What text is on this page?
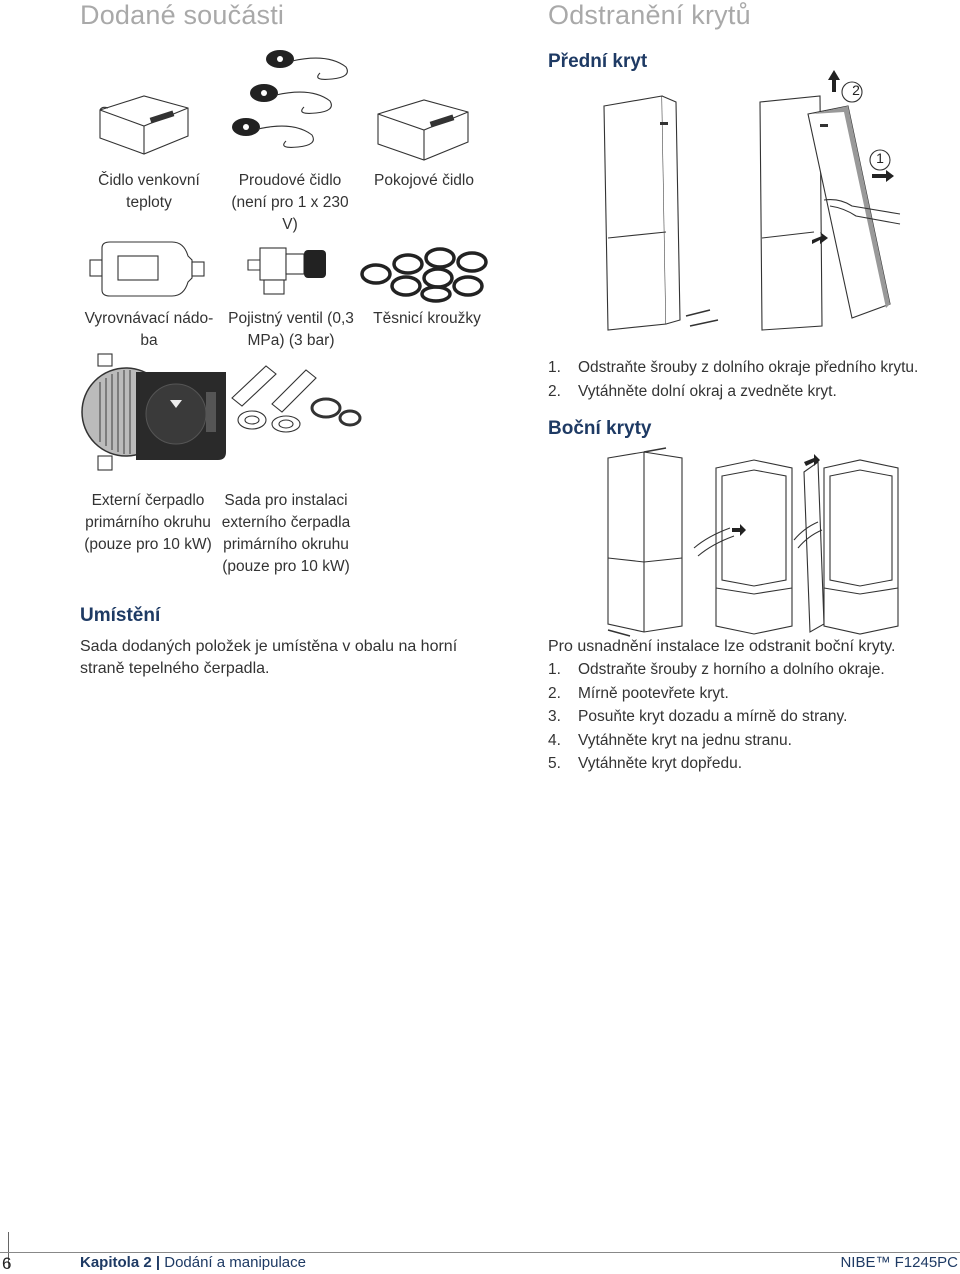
Dodané součásti
Čidlo venkovní teploty
Proudové čidlo (není pro 1 x 230 V)
Pokojové čidlo
Vyrovnávací nádo-ba
Pojistný ventil (0,3 MPa) (3 bar)
Těsnicí kroužky
Externí čerpadlo primárního okruhu (pouze pro 10 kW)
Sada pro instalaci externího čerpadla primárního okruhu (pouze pro 10 kW)
Umístění
Sada dodaných položek je umístěna v obalu na horní straně tepelného čerpadla.
Odstranění krytů
Přední kryt
2
1
1.	Odstraňte šrouby z dolního okraje předního krytu.
2.	Vytáhněte dolní okraj a zvedněte kryt.
Boční kryty
Pro usnadnění instalace lze odstranit boční kryty.
1.	Odstraňte šrouby z horního a dolního okraje.
2.	Mírně pootevřete kryt.
3.	Posuňte kryt dozadu a mírně do strany.
4.	Vytáhněte kryt na jednu stranu.
5.	Vytáhněte kryt dopředu.
6	Kapitola 2 | Dodání a manipulace	NIBE™ F1245PC
